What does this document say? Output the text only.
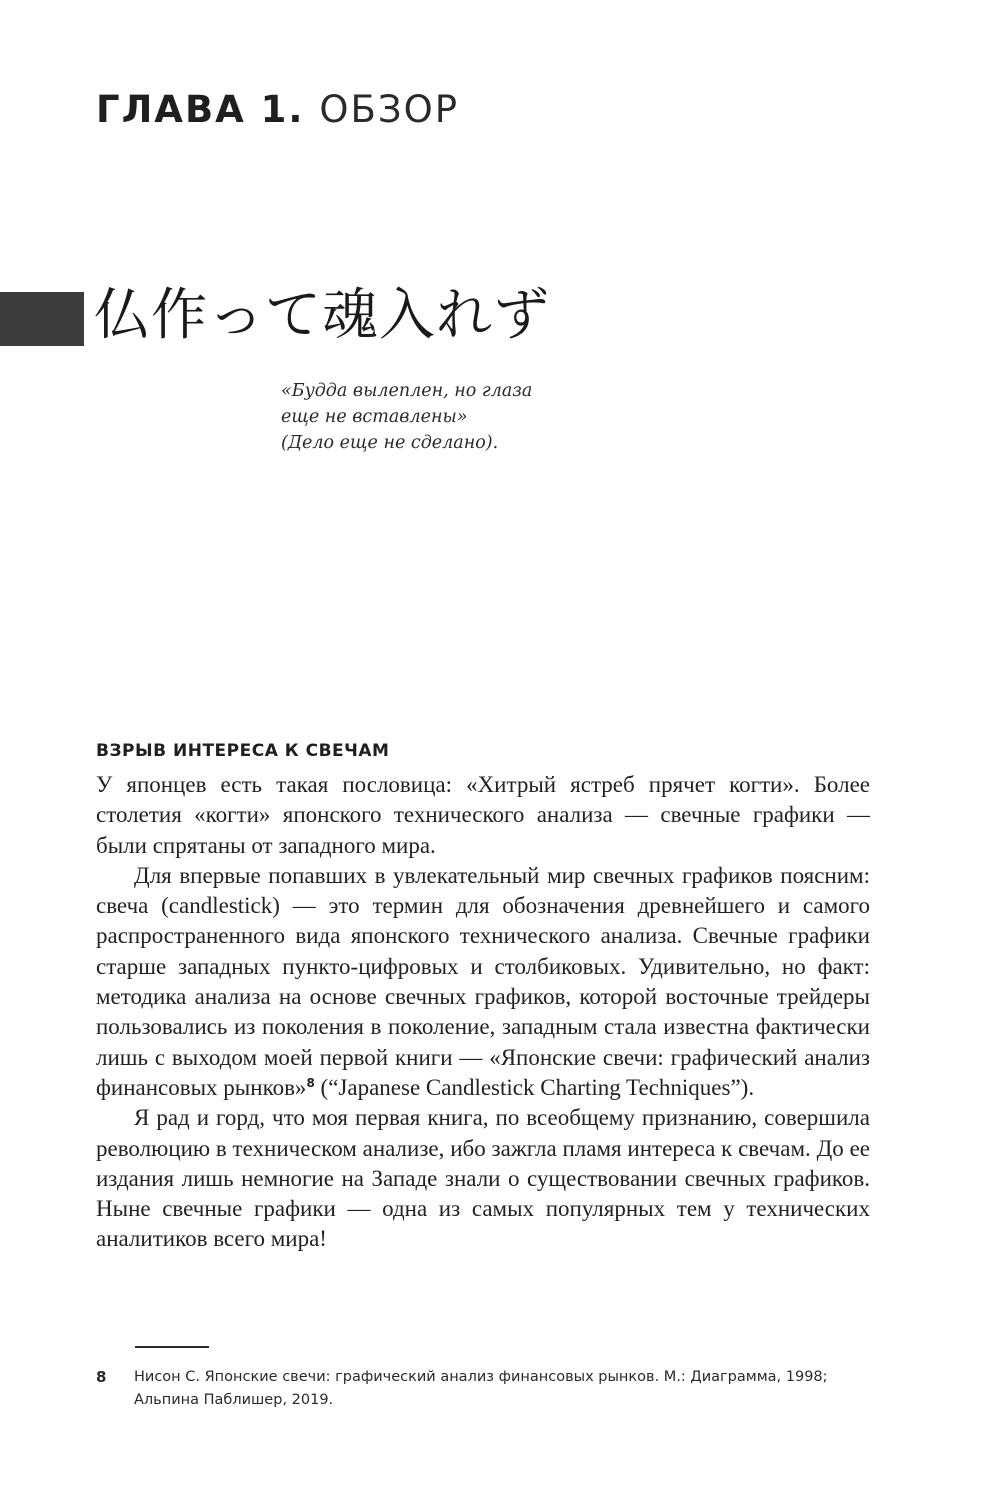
ГЛАВА 1. ОБЗОР
仏作って魂入れず
«Будда вылеплен, но глаза
еще не вставлены»
(Дело еще не сделано).
ВЗРЫВ ИНТЕРЕСА К СВЕЧАМ

У японцев есть такая пословица: «Хитрый ястреб прячет когти». Более столетия «когти» японского технического анализа — свечные графики — были спрятаны от западного мира.

Для впервые попавших в увлекательный мир свечных графиков поясним: свеча (candlestick) — это термин для обозначения древнейшего и самого распространенного вида японского технического анализа. Свечные графики старше западных пункто-цифровых и столбиковых. Удивительно, но факт: методика анализа на основе свечных графиков, которой восточные трейдеры пользовались из поколения в поколение, западным стала известна фактически лишь с выходом моей первой книги — «Японские свечи: графический анализ финансовых рынков»$^8$ (“Japanese Candlestick Charting Techniques”).

Я рад и горд, что моя первая книга, по всеобщему признанию, совершила революцию в техническом анализе, ибо зажгла пламя интереса к свечам. До ее издания лишь немногие на Западе знали о существовании свечных графиков. Ныне свечные графики — одна из самых популярных тем у технических аналитиков всего мира!

8 Нисон С. Японские свечи: графический анализ финансовых рынков. М.: Диаграмма, 1998; Альпина Паблишер, 2019.
